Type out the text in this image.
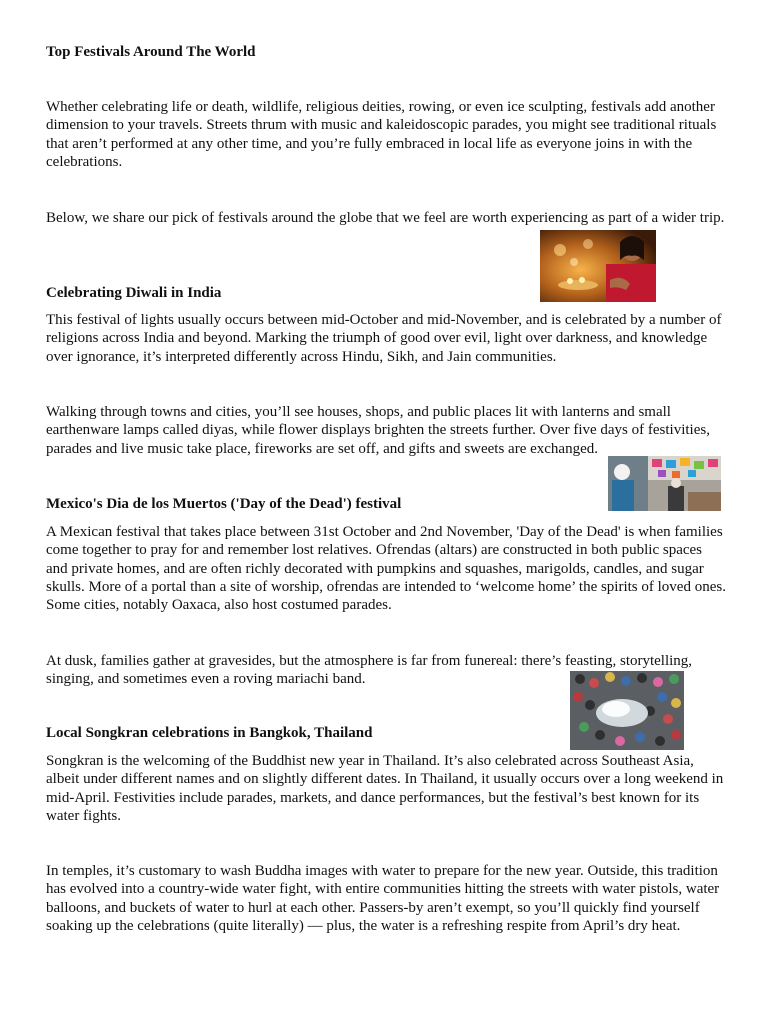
Top Festivals Around The World

Whether celebrating life or death, wildlife, religious deities, rowing, or even ice sculpting, festivals add another dimension to your travels. Streets thrum with music and kaleidoscopic parades, you might see traditional rituals that aren’t performed at any other time, and you’re fully embraced in local life as everyone joins in with the celebrations.

Below, we share our pick of festivals around the globe that we feel are worth experiencing as part of a wider trip.

Celebrating Diwali in India

This festival of lights usually occurs between mid-October and mid-November, and is celebrated by a number of religions across India and beyond. Marking the triumph of good over evil, light over darkness, and knowledge over ignorance, it’s interpreted differently across Hindu, Sikh, and Jain communities.

Walking through towns and cities, you’ll see houses, shops, and public places lit with lanterns and small earthenware lamps called diyas, while flower displays brighten the streets further. Over five days of festivities, parades and live music take place, fireworks are set off, and gifts and sweets are exchanged.

Mexico's Dia de los Muertos ('Day of the Dead') festival

A Mexican festival that takes place between 31st October and 2nd November, 'Day of the Dead' is when families come together to pray for and remember lost relatives. Ofrendas (altars) are constructed in both public spaces and private homes, and are often richly decorated with pumpkins and squashes, marigolds, candles, and sugar skulls. More of a portal than a site of worship, ofrendas are intended to ‘welcome home’ the spirits of loved ones. Some cities, notably Oaxaca, also host costumed parades.

At dusk, families gather at gravesides, but the atmosphere is far from funereal: there’s feasting, storytelling, singing, and sometimes even a roving mariachi band.

Local Songkran celebrations in Bangkok, Thailand

Songkran is the welcoming of the Buddhist new year in Thailand. It’s also celebrated across Southeast Asia, albeit under different names and on slightly different dates. In Thailand, it usually occurs over a long weekend in mid-April. Festivities include parades, markets, and dance performances, but the festival’s best known for its water fights.

In temples, it’s customary to wash Buddha images with water to prepare for the new year. Outside, this tradition has evolved into a country-wide water fight, with entire communities hitting the streets with water pistols, water balloons, and buckets of water to hurl at each other. Passers-by aren’t exempt, so you’ll quickly find yourself soaking up the celebrations (quite literally) — plus, the water is a refreshing respite from April’s dry heat.
